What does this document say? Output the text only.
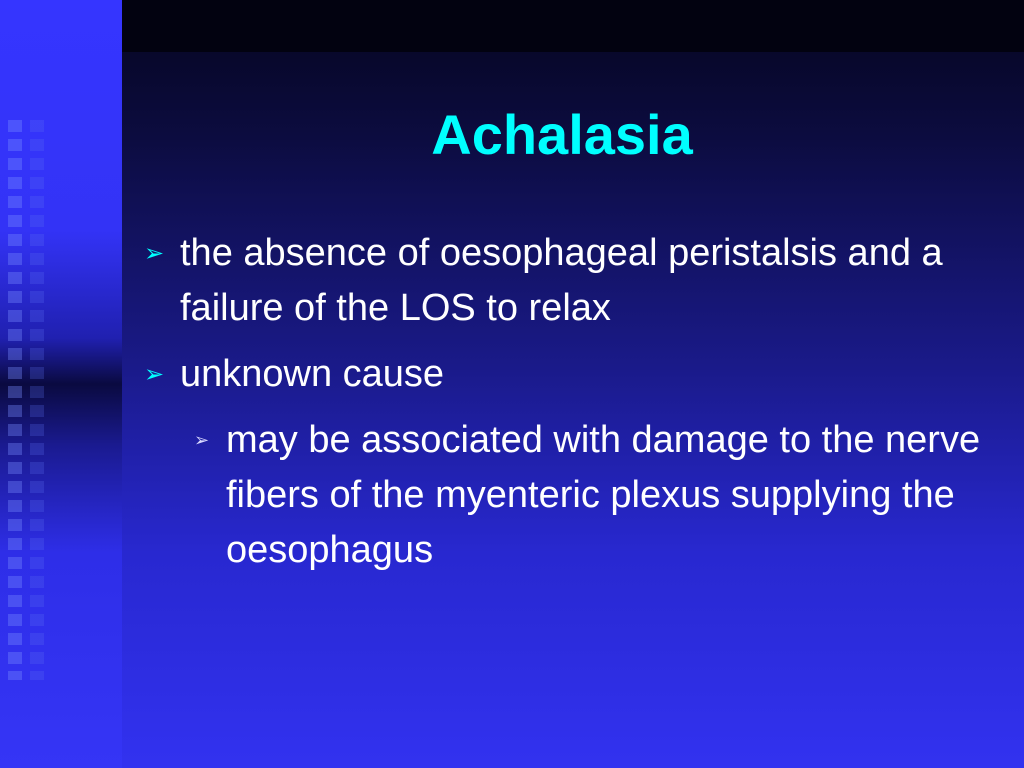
Achalasia
➢ the absence of oesophageal peristalsis and a failure of the LOS to relax
➢ unknown cause
➢ may be associated with damage to the nerve fibers of the myenteric plexus supplying the oesophagus
